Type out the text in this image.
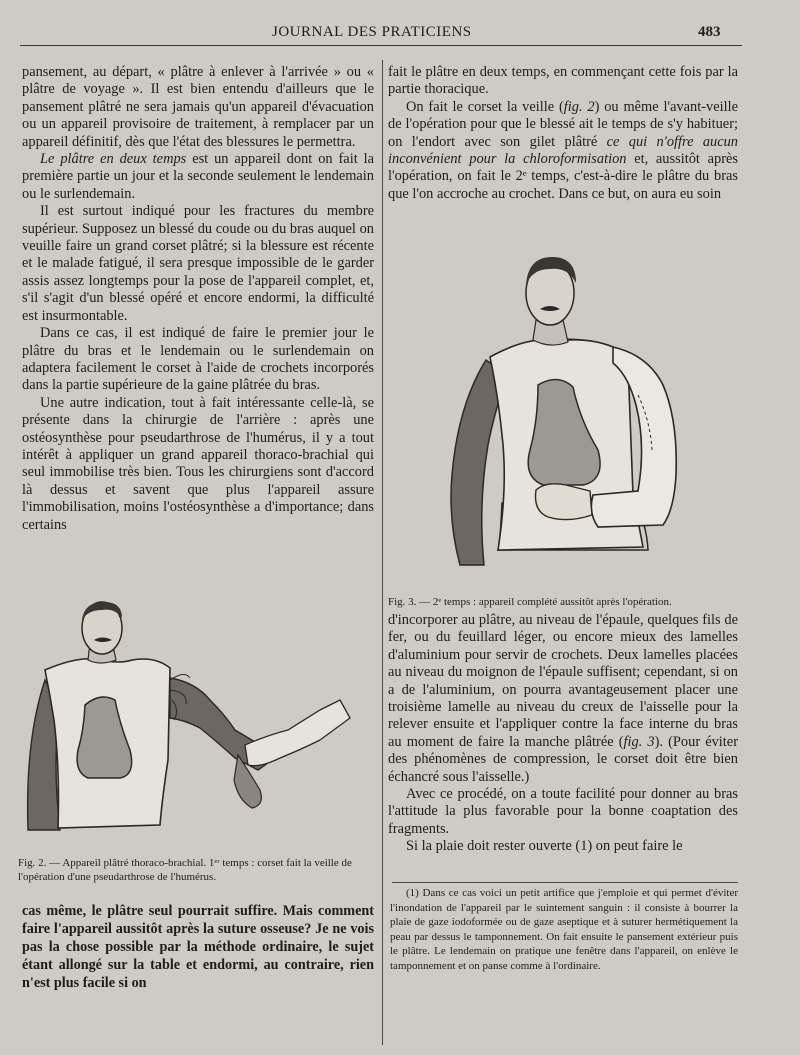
JOURNAL DES PRATICIENS	483

pansement, au départ, « plâtre à enlever à l'arrivée » ou « plâtre de voyage ». Il est bien entendu d'ailleurs que le pansement plâtré ne sera jamais qu'un appareil d'évacuation ou un appareil provisoire de traitement, à remplacer par un appareil définitif, dès que l'état des blessures le permettra.

Le plâtre en deux temps est un appareil dont on fait la première partie un jour et la seconde seulement le lendemain ou le surlendemain.

Il est surtout indiqué pour les fractures du membre supérieur. Supposez un blessé du coude ou du bras auquel on veuille faire un grand corset plâtré; si la blessure est récente et le malade fatigué, il sera presque impossible de le garder assis assez longtemps pour la pose de l'appareil complet, et, s'il s'agit d'un blessé opéré et encore endormi, la difficulté est insurmontable.

Dans ce cas, il est indiqué de faire le premier jour le plâtre du bras et le lendemain ou le surlendemain on adaptera facilement le corset à l'aide de crochets incorporés dans la partie supérieure de la gaine plâtrée du bras.

Une autre indication, tout à fait intéressante celle-là, se présente dans la chirurgie de l'arrière : après une ostéosynthèse pour pseudarthrose de l'humérus, il y a tout intérêt à appliquer un grand appareil thoraco-brachial qui seul immobilise très bien. Tous les chirurgiens sont d'accord là dessus et savent que plus l'appareil assure l'immobilisation, moins l'ostéosynthèse a d'importance; dans certains

fait le plâtre en deux temps, en commençant cette fois par la partie thoracique.

On fait le corset la veille (fig. 2) ou même l'avant-veille de l'opération pour que le blessé ait le temps de s'y habituer; on l'endort avec son gilet plâtré ce qui n'offre aucun inconvénient pour la chloroformisation et, aussitôt après l'opération, on fait le 2ᵉ temps, c'est-à-dire le plâtre du bras que l'on accroche au crochet. Dans ce but, on aura eu soin

Fig. 3. — 2ᵉ temps : appareil complété aussitôt après l'opération.

d'incorporer au plâtre, au niveau de l'épaule, quelques fils de fer, ou du feuillard léger, ou encore mieux des lamelles d'aluminium pour servir de crochets. Deux lamelles placées au niveau du moignon de l'épaule suffisent; cependant, si on a de l'aluminium, on pourra avantageusement placer une troisième lamelle au niveau du creux de l'aisselle pour la relever ensuite et l'appliquer contre la face interne du bras au moment de faire la manche plâtrée (fig. 3). (Pour éviter des phénomènes de compression, le corset doit être bien échancré sous l'aisselle.)

Avec ce procédé, on a toute facilité pour donner au bras l'attitude la plus favorable pour la bonne coaptation des fragments.

Si la plaie doit rester ouverte (1) on peut faire le

Fig. 2. — Appareil plâtré thoraco-brachial. 1ᵉʳ temps : corset fait la veille de l'opération d'une pseudarthrose de l'humérus.

cas même, le plâtre seul pourrait suffire. Mais comment faire l'appareil aussitôt après la suture osseuse? Je ne vois pas la chose possible par la méthode ordinaire, le sujet étant allongé sur la table et endormi, au contraire, rien n'est plus facile si on

(1) Dans ce cas voici un petit artifice que j'emploie et qui permet d'éviter l'inondation de l'appareil par le suintement sanguin : il consiste à bourrer la plaie de gaze iodoformée ou de gaze aseptique et à suturer hermétiquement la peau par dessus le tamponnement. On fait ensuite le pansement extérieur puis le plâtre. Le lendemain on pratique une fenêtre dans l'appareil, on enlève le tamponnement et on panse comme à l'ordinaire.
